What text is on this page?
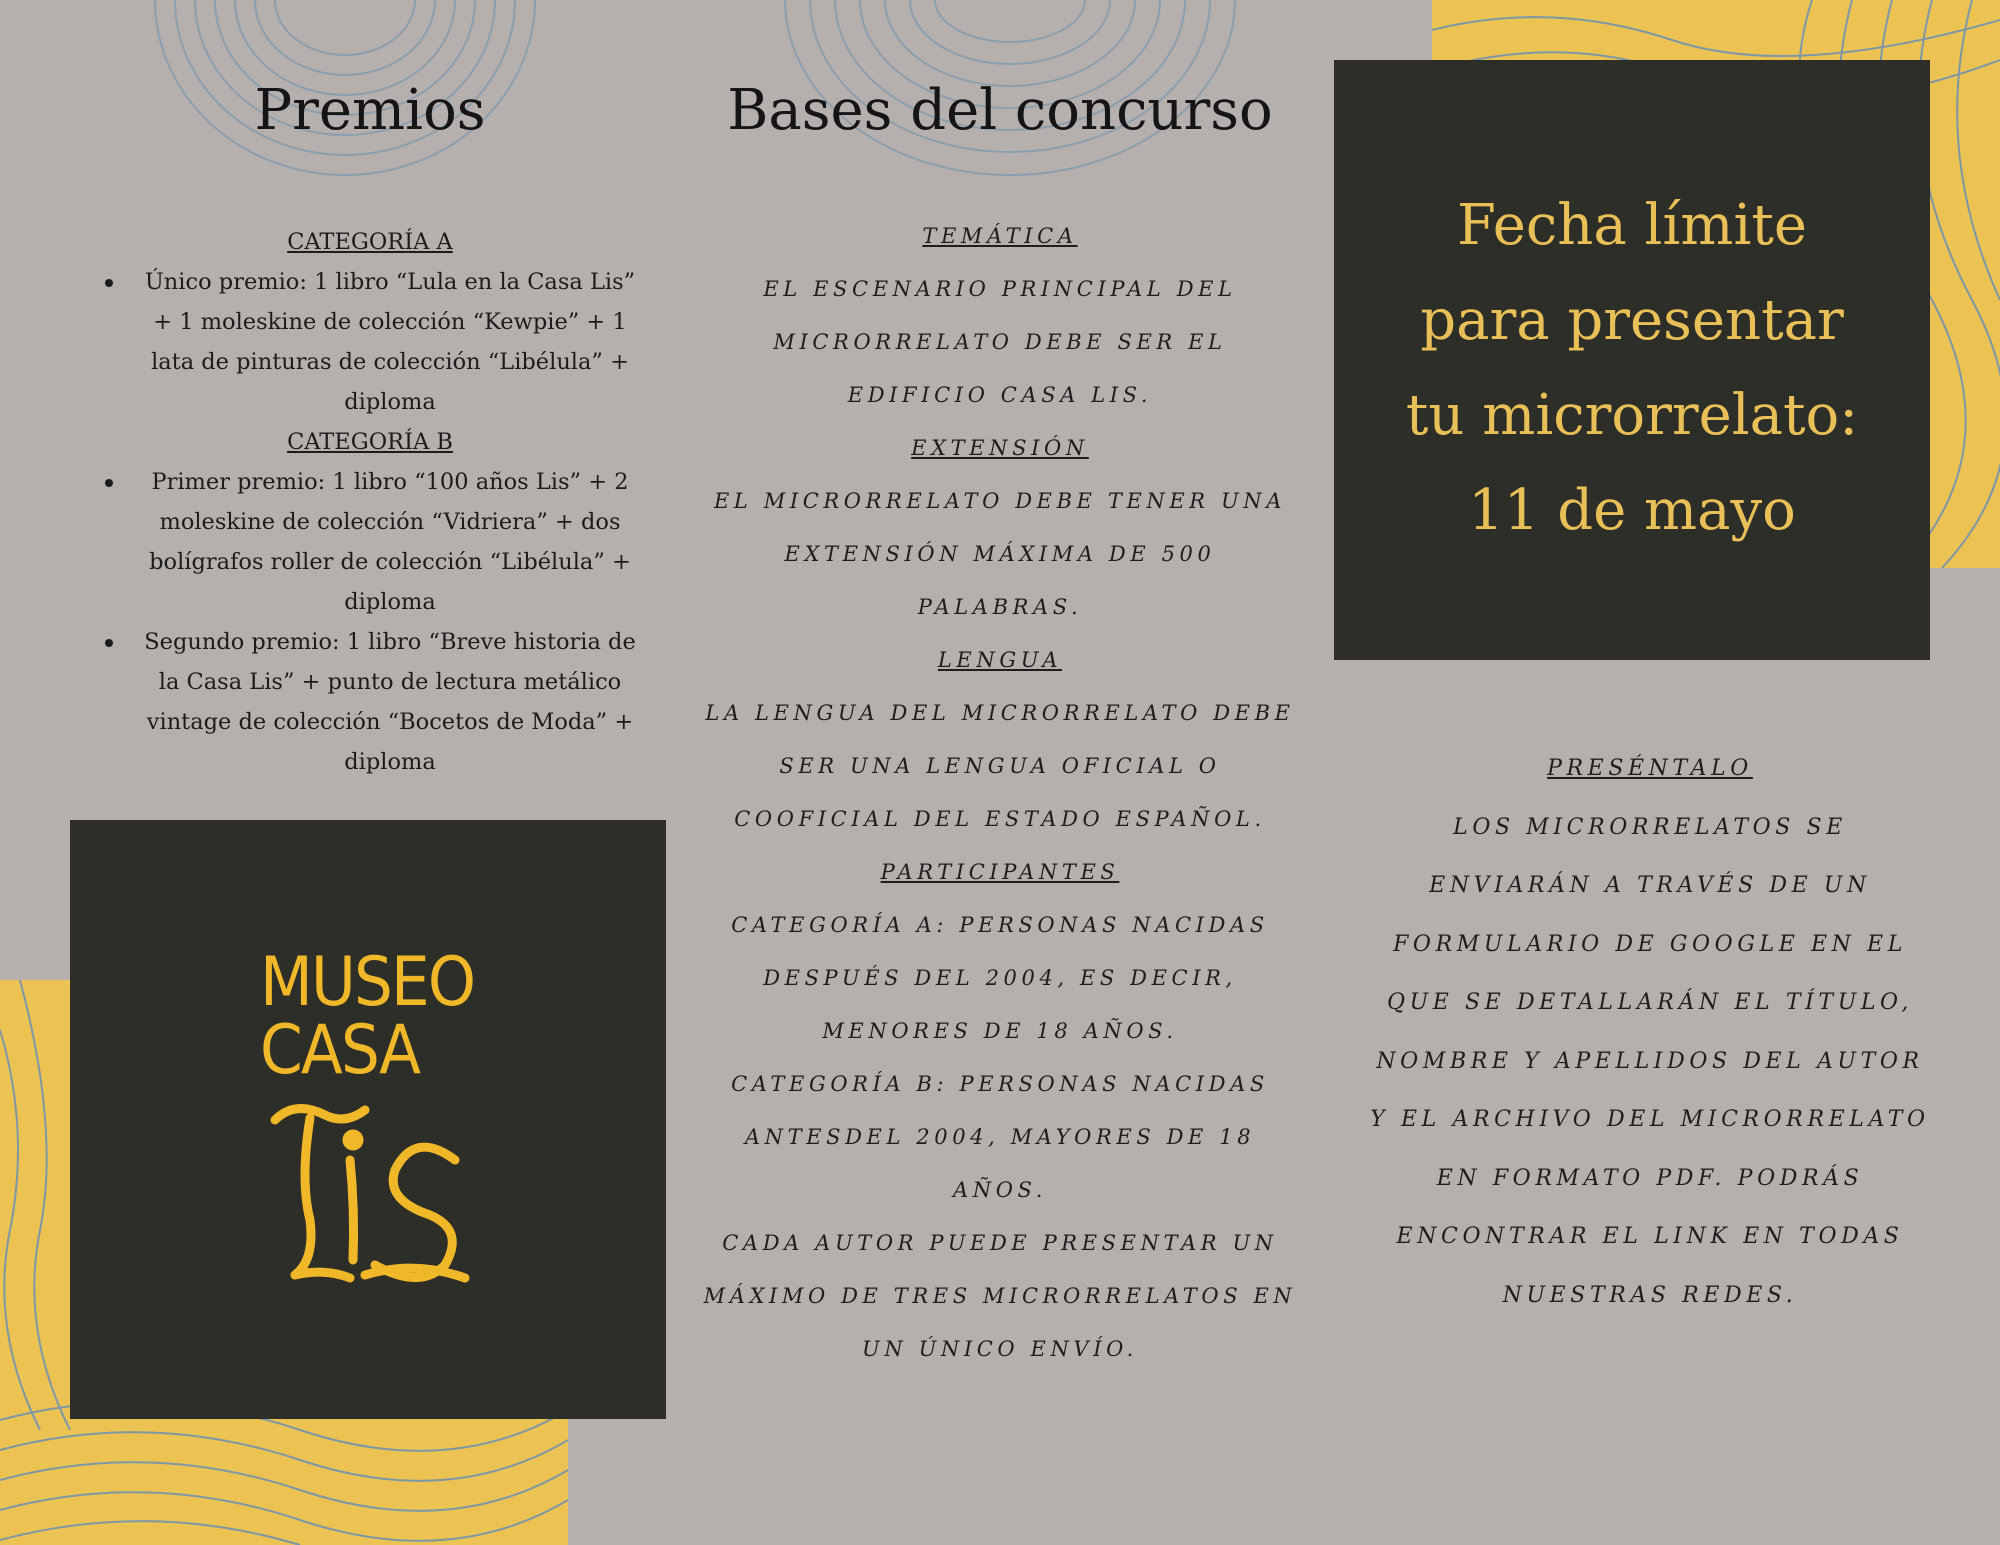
Premios
CATEGORÍA A
Único premio: 1 libro “Lula en la Casa Lis” + 1 moleskine de colección “Kewpie” + 1 lata de pinturas de colección “Libélula” + diploma
CATEGORÍA B
Primer premio: 1 libro “100 años Lis” + 2 moleskine de colección “Vidriera” + dos bolígrafos roller de colección “Libélula” + diploma
Segundo premio: 1 libro “Breve historia de la Casa Lis” + punto de lectura metálico vintage de colección “Bocetos de Moda” + diploma
MUSEO
CASA
Bases del concurso
TEMÁTICA
EL ESCENARIO PRINCIPAL DEL MICRORRELATO DEBE SER EL EDIFICIO CASA LIS.
EXTENSIÓN
EL MICRORRELATO DEBE TENER UNA EXTENSIÓN MÁXIMA DE 500 PALABRAS.
LENGUA
LA LENGUA DEL MICRORRELATO DEBE SER UNA LENGUA OFICIAL O COOFICIAL DEL ESTADO ESPAÑOL.
PARTICIPANTES
CATEGORÍA A: PERSONAS NACIDAS DESPUÉS DEL 2004, ES DECIR, MENORES DE 18 AÑOS.
CATEGORÍA B: PERSONAS NACIDAS ANTESDEL 2004, MAYORES DE 18 AÑOS.
CADA AUTOR PUEDE PRESENTAR UN MÁXIMO DE TRES MICRORRELATOS EN UN ÚNICO ENVÍO.
Fecha límite
para presentar
tu microrrelato:
11 de mayo
PRESÉNTALO
LOS MICRORRELATOS SE ENVIARÁN A TRAVÉS DE UN FORMULARIO DE GOOGLE EN EL QUE SE DETALLARÁN EL TÍTULO, NOMBRE Y APELLIDOS DEL AUTOR Y EL ARCHIVO DEL MICRORRELATO EN FORMATO PDF. PODRÁS ENCONTRAR EL LINK EN TODAS NUESTRAS REDES.
